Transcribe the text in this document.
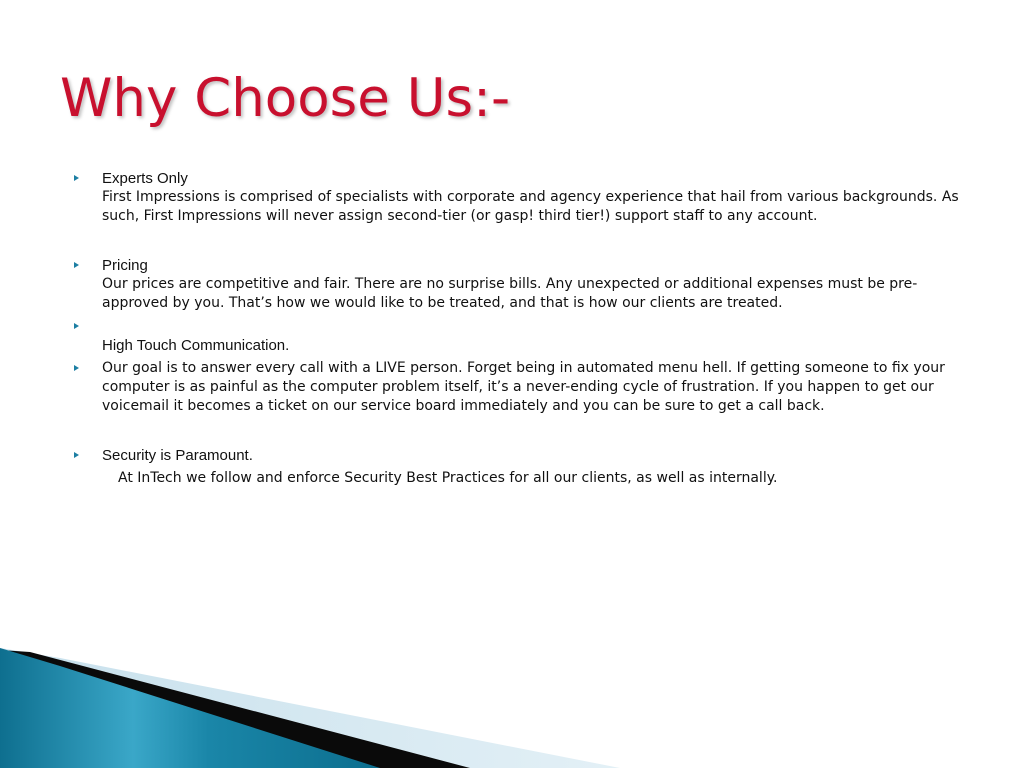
Why Choose Us:-
Experts Only
First Impressions is comprised of specialists with corporate and agency experience that hail from various backgrounds. As such, First Impressions will never assign second-tier (or gasp! third tier!) support staff to any account.
Pricing
Our prices are competitive and fair. There are no surprise bills. Any unexpected or additional expenses must be pre-approved by you. That’s how we would like to be treated, and that is how our clients are treated.
High Touch Communication.
Our goal is to answer every call with a LIVE person. Forget being in automated menu hell. If getting someone to fix your computer is as painful as the computer problem itself, it’s a never-ending cycle of frustration. If you happen to get our voicemail it becomes a ticket on our service board immediately and you can be sure to get a call back.
Security is Paramount.
At InTech we follow and enforce Security Best Practices for all our clients, as well as internally.
